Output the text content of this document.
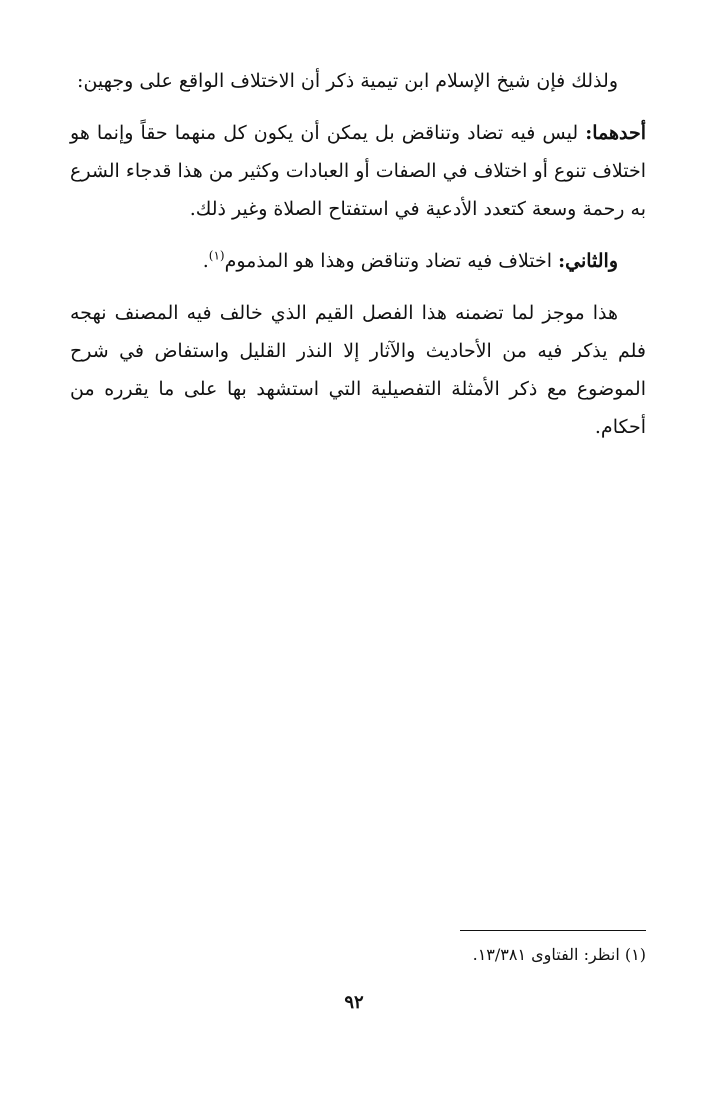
ولذلك فإن شيخ الإسلام ابن تيمية ذكر أن الاختلاف الواقع على وجهين:

أحدهما: ليس فيه تضاد وتناقض بل يمكن أن يكون كل منهما حقاً وإنما هو اختلاف تنوع أو اختلاف في الصفات أو العبادات وكثير من هذا قدجاء الشرع به رحمة وسعة كتعدد الأدعية في استفتاح الصلاة وغير ذلك.

والثاني: اختلاف فيه تضاد وتناقض وهذا هو المذموم$^{(١)}$.

هذا موجز لما تضمنه هذا الفصل القيم الذي خالف فيه المصنف نهجه فلم يذكر فيه من الأحاديث والآثار إلا النذر القليل واستفاض في شرح الموضوع مع ذكر الأمثلة التفصيلية التي استشهد بها على ما يقرره من أحكام.

(١) انظر: الفتاوى ١٣/٣٨١.

٩٢
